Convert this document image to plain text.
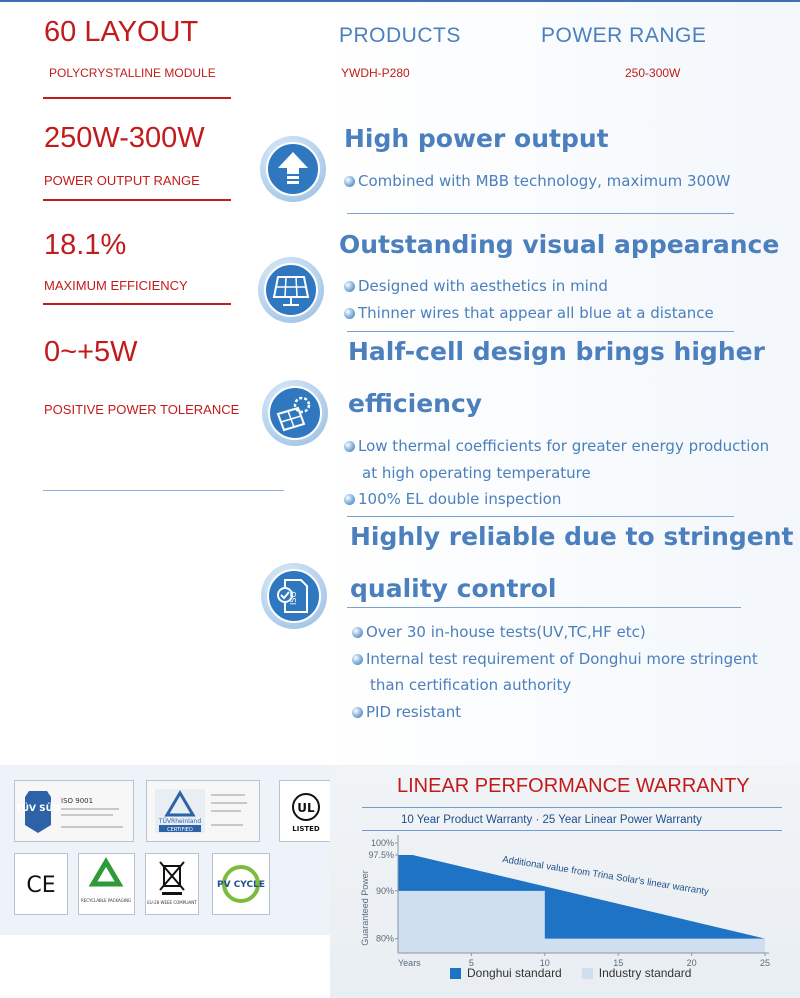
60 LAYOUT
POLYCRYSTALLINE MODULE
PRODUCTS
YWDH-P280
POWER RANGE
250-300W
250W-300W
POWER OUTPUT RANGE
18.1%
MAXIMUM EFFICIENCY
0~+5W
POSITIVE POWER TOLERANCE
ISO
High power output
Combined with MBB technology, maximum 300W
Outstanding visual appearance
Designed with aesthetics in mind
Thinner wires that appear all blue at a distance
Half-cell design brings higher
efficiency
Low thermal coefficients for greater energy production
at high operating temperature
100% EL double inspection
Highly reliable due to stringent
quality control
Over 30 in-house tests(UV,TC,HF etc)
Internal test requirement of Donghui more stringent
than certification authority
PID resistant
TÜV SÜD
ISO 9001
TÜVRheinland
CERTIFIED
UL
LISTED
CE
RECYCLABLE PACKAGING	EU-28 WEEE COMPLIANT
PV CYCLE
LINEAR PERFORMANCE WARRANTY
10 Year Product Warranty · 25 Year Linear Power Warranty
100%
97.5%
90%
80%
5	10	15	20	25
Years
Guaranteed Power	Additional value from Trina Solar's linear warranty
Donghui standard	Industry standard
